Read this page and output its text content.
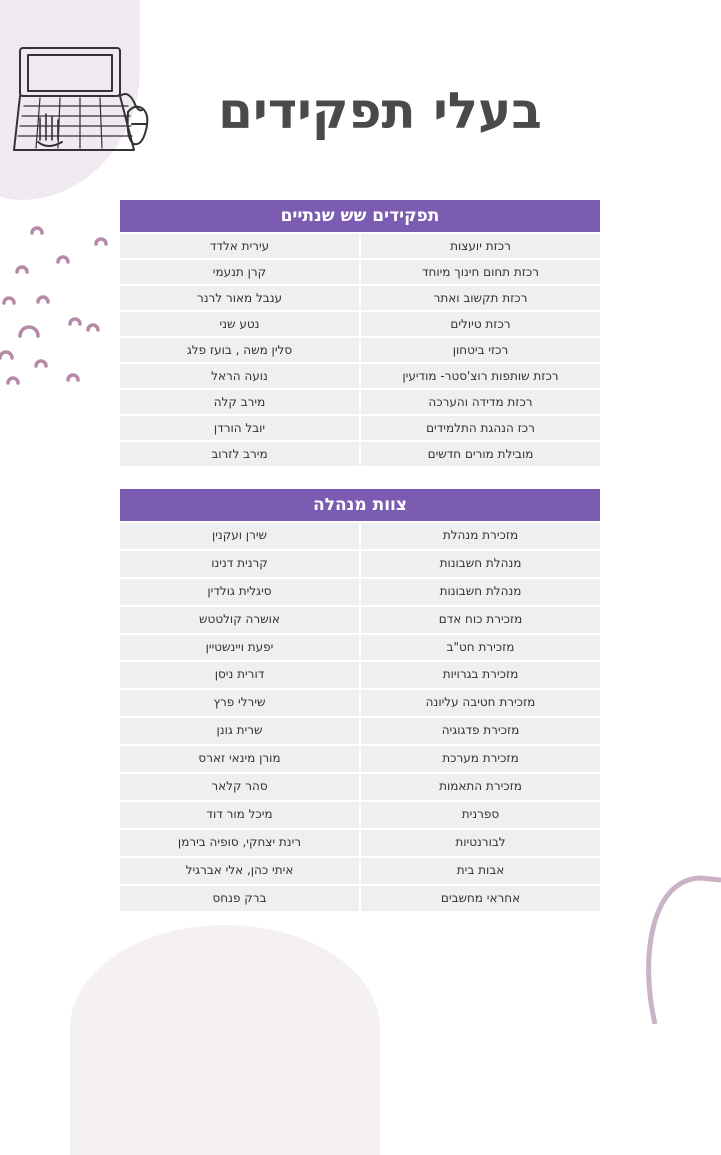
בעלי תפקידים
תפקידים שש שנתיים
רכזת יועצות
עירית אלדד
רכזת תחום חינוך מיוחד
קרן תנעמי
רכזת תקשוב ואתר
ענבל מאור לרנר
רכזת טיולים
נטע שני
רכזי ביטחון
סלין משה , בועז פלג
רכזת שותפות רוצ'סטר- מודיעין
נועה הראל
רכזת מדידה והערכה
מירב קלה
רכז הנהגת התלמידים
יובל הורדן
מובילת מורים חדשים
מירב לזרוב
צוות מנהלה
מזכירת מנהלת
שירן ועקנין
מנהלת חשבונות
קרנית דנינו
מנהלת חשבונות
סיגלית גולדין
מזכירת כוח אדם
אושרה קולטטש
מזכירת חט"ב
יפעת ויינשטיין
מזכירת בגרויות
דורית ניסן
מזכירת חטיבה עליונה
שירלי פרץ
מזכירת פדגוגיה
שרית גונן
מזכירת מערכת
מורן מינאי זארס
מזכירת התאמות
סהר קלאר
ספרנית
מיכל מור דוד
לבורנטיות
רינת יצחקי, סופיה בירמן
אבות בית
איתי כהן, אלי אברגיל
אחראי מחשבים
ברק פנחס
